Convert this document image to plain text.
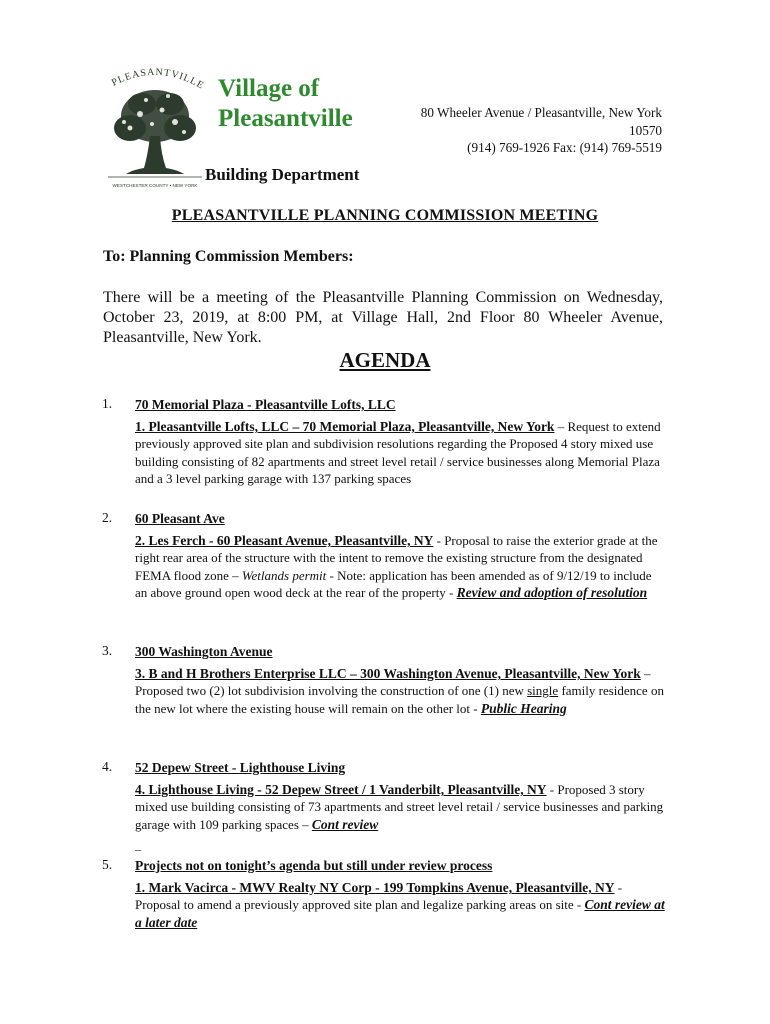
PLEASANTVILLE
WESTCHESTER COUNTY • NEW YORK
Village of
Pleasantville	80 Wheeler Avenue / Pleasantville, New York
10570
(914) 769-1926 Fax: (914) 769-5519
Building Department
PLEASANTVILLE PLANNING COMMISSION MEETING
To: Planning Commission Members:
There will be a meeting of the Pleasantville Planning Commission on Wednesday, October 23, 2019, at 8:00 PM, at Village Hall, 2nd Floor 80 Wheeler Avenue, Pleasantville, New York.
AGENDA
1. 70 Memorial Plaza - Pleasantville Lofts, LLC
1. Pleasantville Lofts, LLC – 70 Memorial Plaza, Pleasantville, New York – Request to extend previously approved site plan and subdivision resolutions regarding the Proposed 4 story mixed use building consisting of 82 apartments and street level retail / service businesses along Memorial Plaza and a 3 level parking garage with 137 parking spaces
2. 60 Pleasant Ave
2. Les Ferch - 60 Pleasant Avenue, Pleasantville, NY - Proposal to raise the exterior grade at the right rear area of the structure with the intent to remove the existing structure from the designated FEMA flood zone – Wetlands permit - Note: application has been amended as of 9/12/19 to include an above ground open wood deck at the rear of the property - Review and adoption of resolution
3. 300 Washington Avenue
3. B and H Brothers Enterprise LLC – 300 Washington Avenue, Pleasantville, New York – Proposed two (2) lot subdivision involving the construction of one (1) new single family residence on the new lot where the existing house will remain on the other lot - Public Hearing
4. 52 Depew Street - Lighthouse Living
4. Lighthouse Living - 52 Depew Street / 1 Vanderbilt, Pleasantville, NY - Proposed 3 story mixed use building consisting of 73 apartments and street level retail / service businesses and parking garage with 109 parking spaces – Cont review
_
5. Projects not on tonight’s agenda but still under review process
1. Mark Vacirca - MWV Realty NY Corp - 199 Tompkins Avenue, Pleasantville, NY - Proposal to amend a previously approved site plan and legalize parking areas on site - Cont review at a later date
